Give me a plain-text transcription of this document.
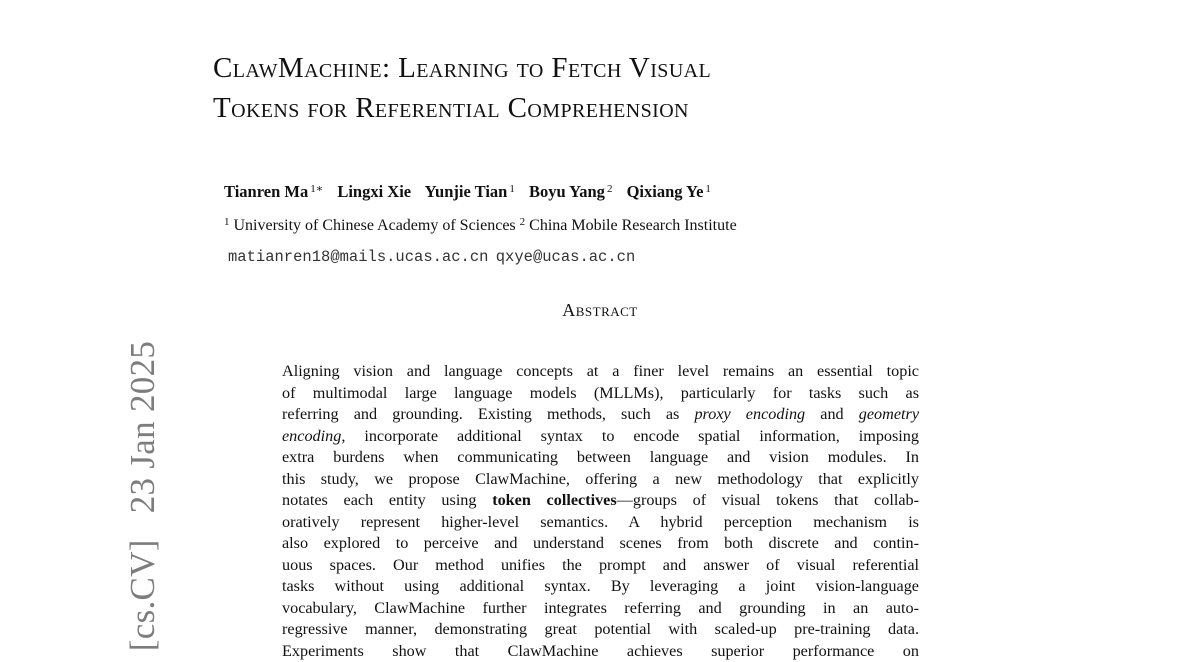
[cs.CV]23 Jan 2025
ClawMachine: Learning to Fetch Visual
Tokens for Referential Comprehension
Tianren Ma $^{1∗}$ Lingxi Xie Yunjie Tian $^1$ Boyu Yang $^2$ Qixiang Ye $^1$
$^1$ University of Chinese Academy of Sciences $^2$ China Mobile Research Institute
matianren18@mails.ucas.ac.cn qxye@ucas.ac.cn
Abstract
Aligning vision and language concepts at a finer level remains an essential topic
of multimodal large language models (MLLMs), particularly for tasks such as
referring and grounding. Existing methods, such as proxy encoding and geometry
encoding, incorporate additional syntax to encode spatial information, imposing
extra burdens when communicating between language and vision modules. In
this study, we propose ClawMachine, offering a new methodology that explicitly
notates each entity using token collectives—groups of visual tokens that collab-
oratively represent higher-level semantics. A hybrid perception mechanism is
also explored to perceive and understand scenes from both discrete and contin-
uous spaces. Our method unifies the prompt and answer of visual referential
tasks without using additional syntax. By leveraging a joint vision-language
vocabulary, ClawMachine further integrates referring and grounding in an auto-
regressive manner, demonstrating great potential with scaled-up pre-training data.
Experiments show that ClawMachine achieves superior performance on
